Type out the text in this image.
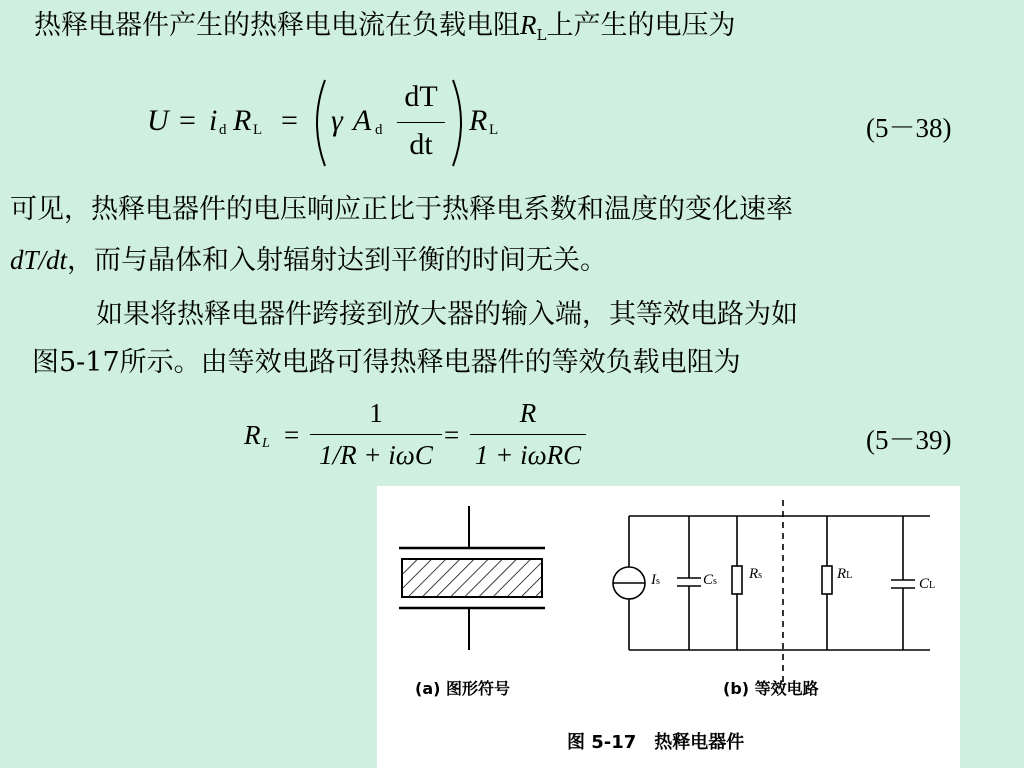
热释电器件产生的热释电电流在负载电阻$R_L$上产生的电压为
U = i d R L = γ A d
dT
dt
R L	(5－38)
可见，热释电器件的电压响应正比于热释电系数和温度的变化速率
dT/dt，而与晶体和入射辐射达到平衡的时间无关。
如果将热释电器件跨接到放大器的输入端，其等效电路为如
图5-17所示。由等效电路可得热释电器件的等效负载电阻为
R L =
1
1/R + iωC
=
R
1 + iωRC	(5－39)
Is	Cs Rs	RL
CL
(a) 图形符号	(b) 等效电路
图 5-17　热释电器件
